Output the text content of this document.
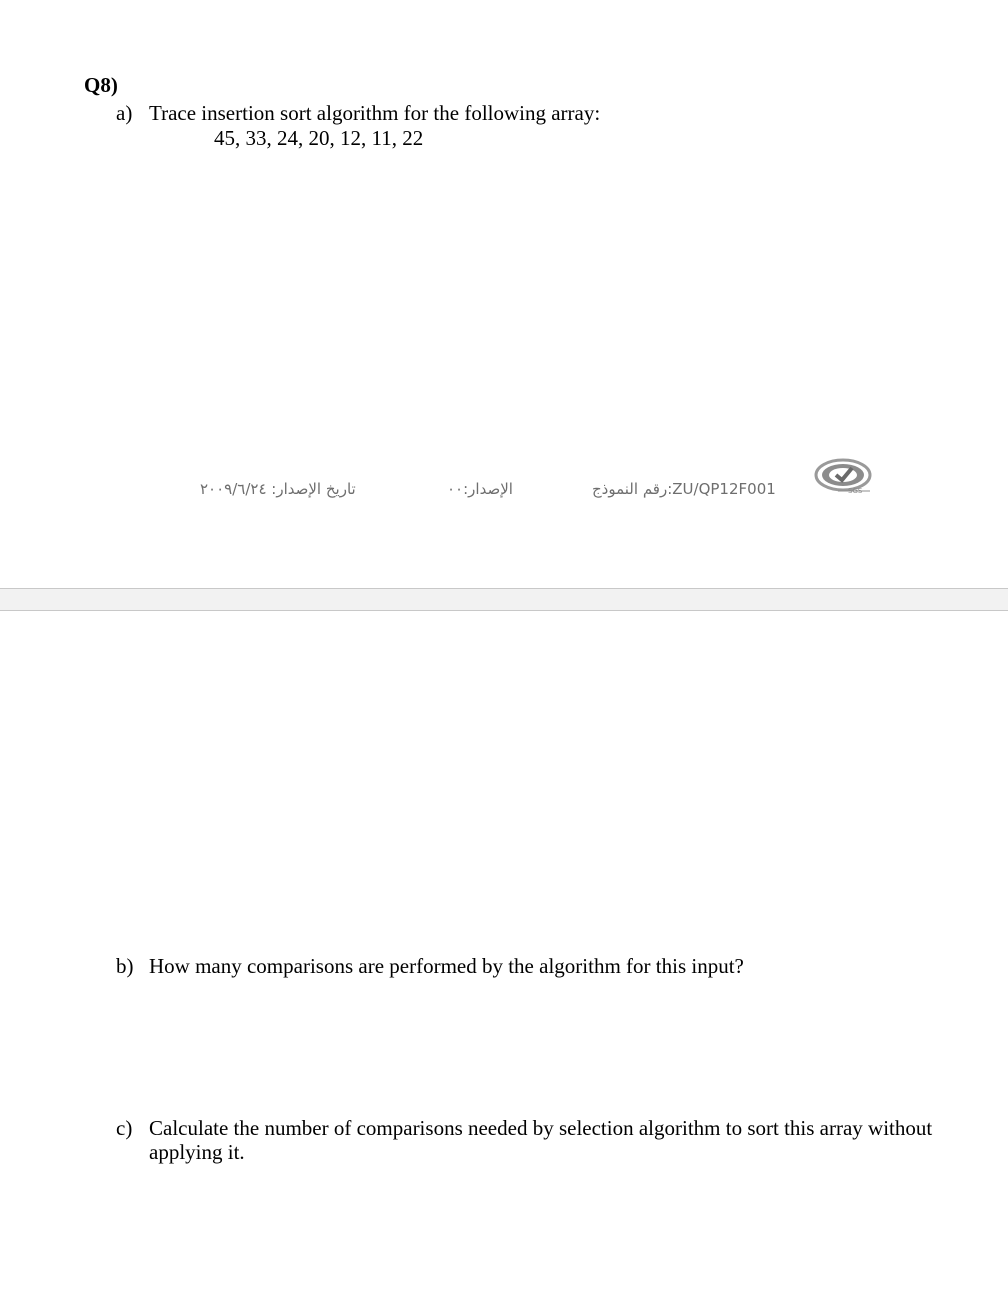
Q8)
a) Trace insertion sort algorithm for the following array:
45, 33, 24, 20, 12, 11, 22
تاريخ الإصدار: ٢٠٠٩/٦/٢٤	الإصدار:٠٠	رقم النموذج:ZU/QP12F001	SGS
b) How many comparisons are performed by the algorithm for this input?
c) Calculate the number of comparisons needed by selection algorithm to sort this array without
applying it.
